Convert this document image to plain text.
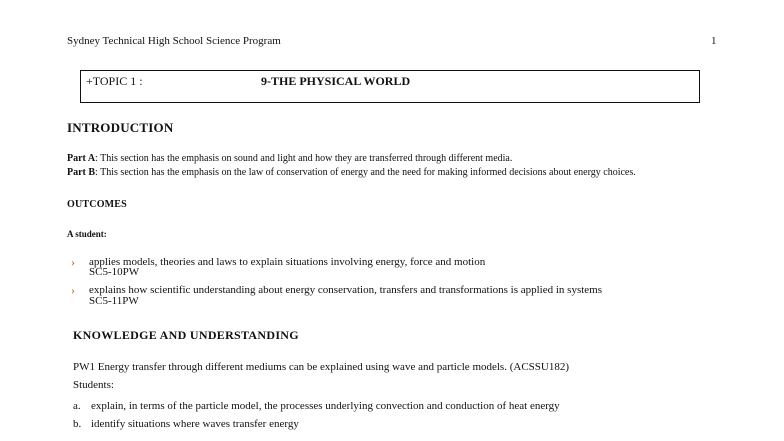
Sydney Technical High School Science Program	1
+TOPIC 1 :	9-THE PHYSICAL WORLD
INTRODUCTION
Part A: This section has the emphasis on sound and light and how they are transferred through different media.
Part B: This section has the emphasis on the law of conservation of energy and the need for making informed decisions about energy choices.
OUTCOMES
A student:
› applies models, theories and laws to explain situations involving energy, force and motion
SC5-10PW
› explains how scientific understanding about energy conservation, transfers and transformations is applied in systems
SC5-11PW
KNOWLEDGE AND UNDERSTANDING
PW1 Energy transfer through different mediums can be explained using wave and particle models. (ACSSU182)
Students:
a. explain, in terms of the particle model, the processes underlying convection and conduction of heat energy
b. identify situations where waves transfer energy
